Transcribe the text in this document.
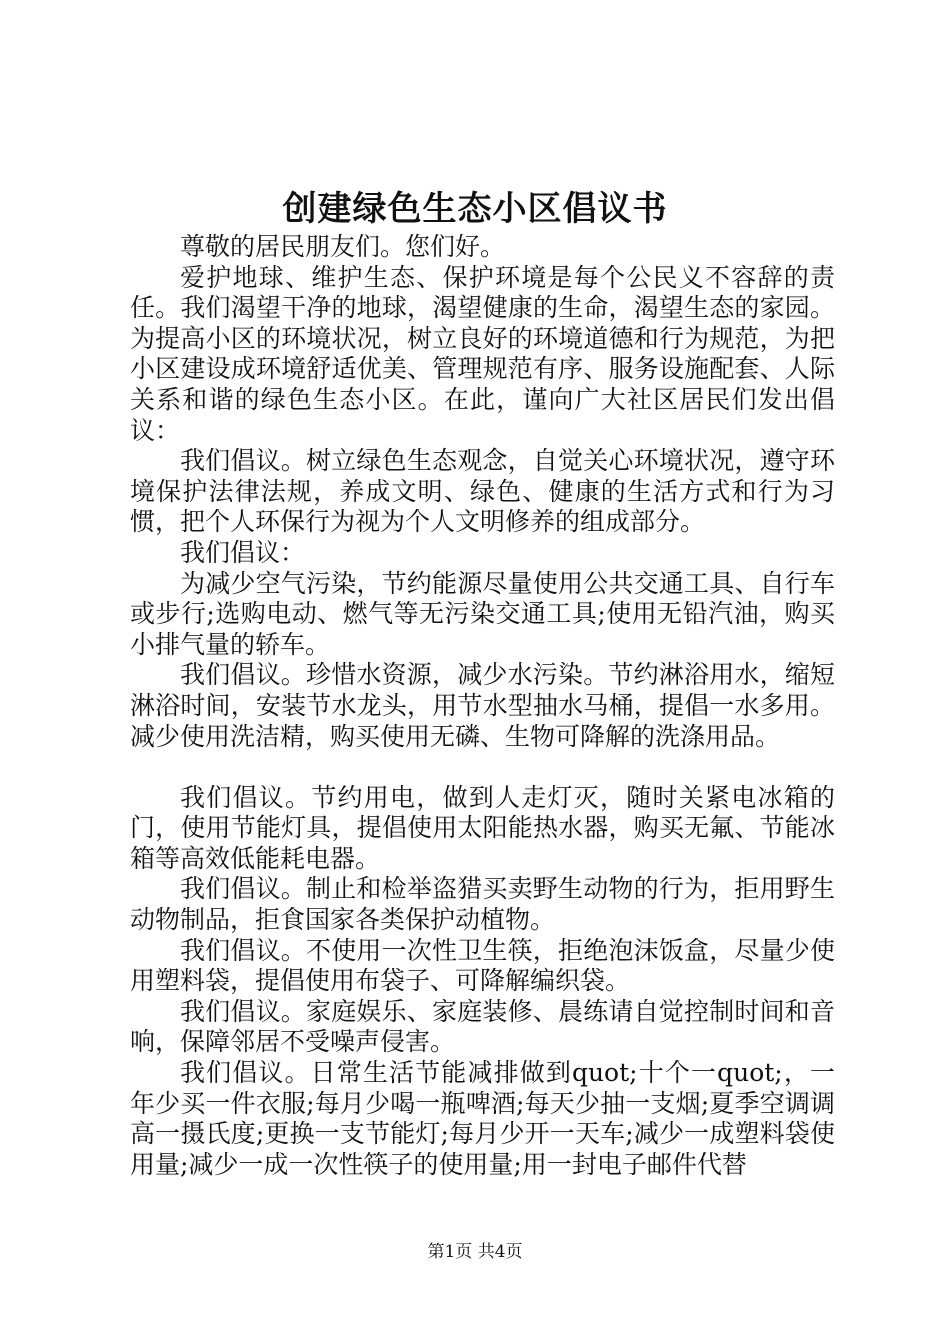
创建绿色生态小区倡议书

尊敬的居民朋友们。您们好。

爱护地球、维护生态、保护环境是每个公民义不容辞的责任。我们渴望干净的地球，渴望健康的生命，渴望生态的家园。为提高小区的环境状况，树立良好的环境道德和行为规范，为把小区建设成环境舒适优美、管理规范有序、服务设施配套、人际关系和谐的绿色生态小区。在此，谨向广大社区居民们发出倡议：

我们倡议。树立绿色生态观念，自觉关心环境状况，遵守环境保护法律法规，养成文明、绿色、健康的生活方式和行为习惯，把个人环保行为视为个人文明修养的组成部分。

我们倡议：

为减少空气污染，节约能源尽量使用公共交通工具、自行车或步行;选购电动、燃气等无污染交通工具;使用无铅汽油，购买小排气量的轿车。

我们倡议。珍惜水资源，减少水污染。节约淋浴用水，缩短淋浴时间，安装节水龙头，用节水型抽水马桶，提倡一水多用。减少使用洗洁精，购买使用无磷、生物可降解的洗涤用品。

我们倡议。节约用电，做到人走灯灭，随时关紧电冰箱的门，使用节能灯具，提倡使用太阳能热水器，购买无氟、节能冰箱等高效低能耗电器。

我们倡议。制止和检举盗猎买卖野生动物的行为，拒用野生动物制品，拒食国家各类保护动植物。

我们倡议。不使用一次性卫生筷，拒绝泡沫饭盒，尽量少使用塑料袋，提倡使用布袋子、可降解编织袋。

我们倡议。家庭娱乐、家庭装修、晨练请自觉控制时间和音响，保障邻居不受噪声侵害。

我们倡议。日常生活节能减排做到quot;十个一quot;，一年少买一件衣服;每月少喝一瓶啤酒;每天少抽一支烟;夏季空调调高一摄氏度;更换一支节能灯;每月少开一天车;减少一成塑料袋使用量;减少一成一次性筷子的使用量;用一封电子邮件代替

第1页 共4页
